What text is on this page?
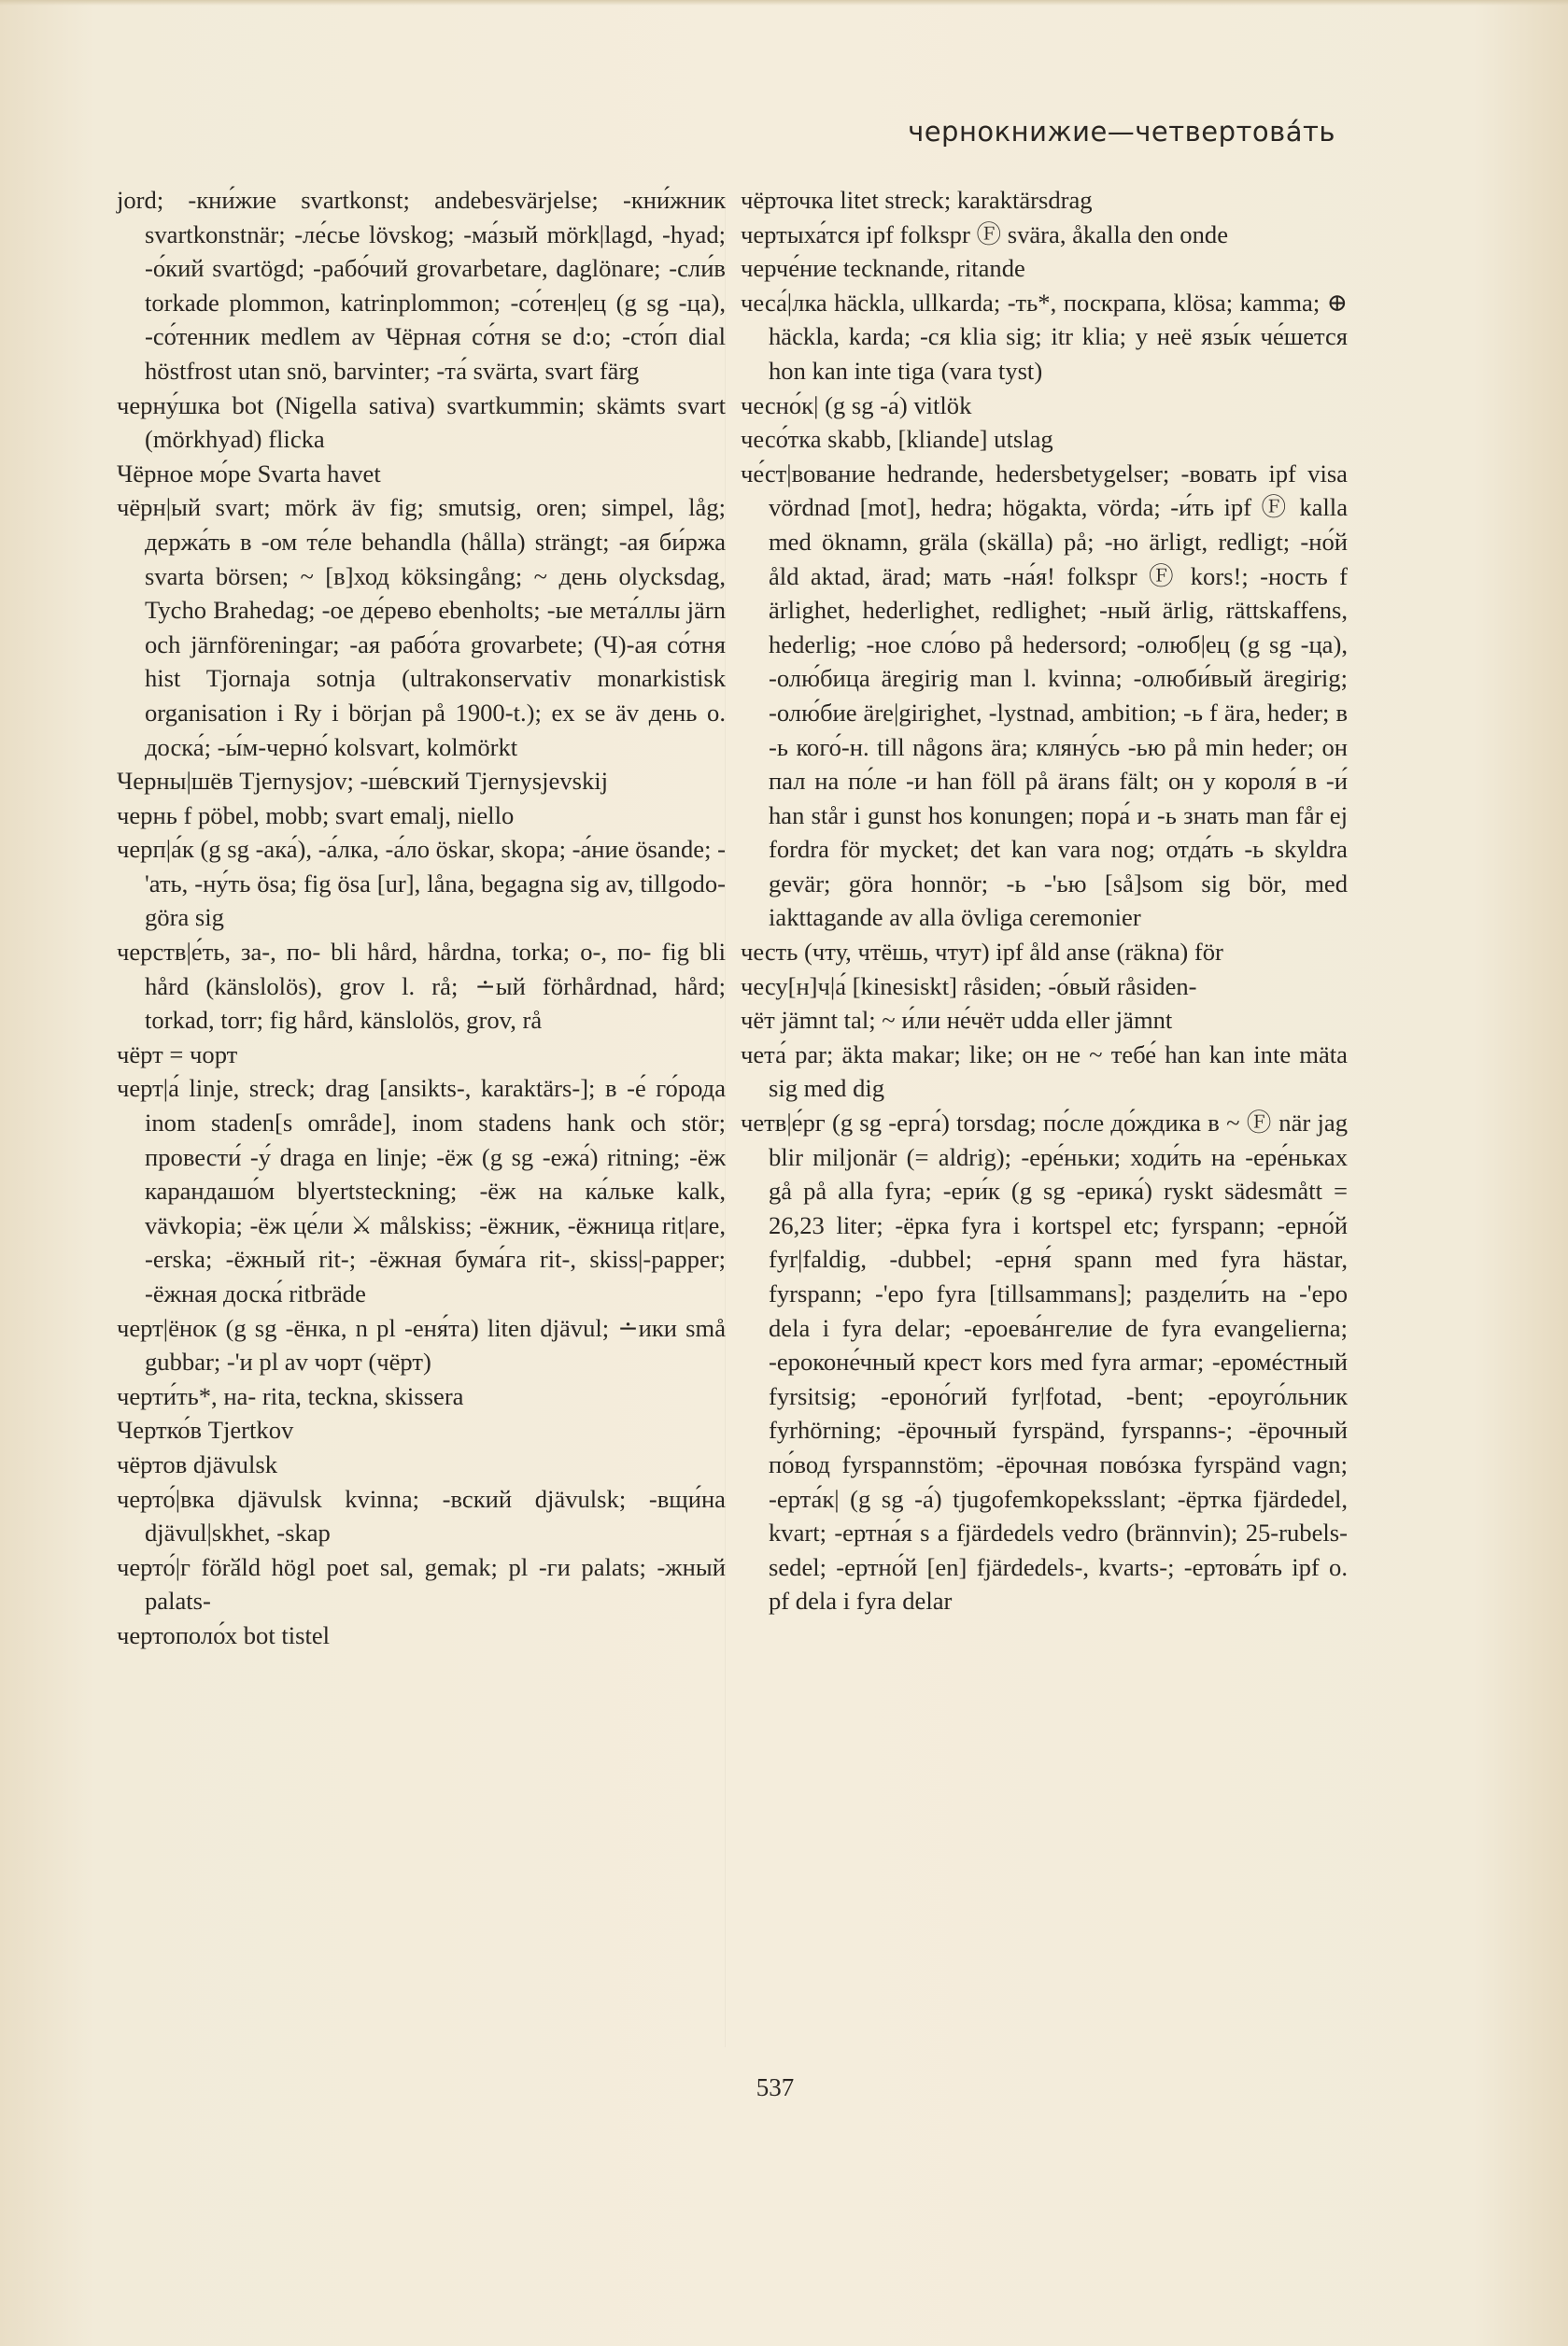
чернокнижие—четвертова́ть

jord; -кни́жие svartkonst; andebesvärjelse; -кни́жник svartkonstnär; -ле́сье lövskog; -ма́зый mörk|lagd, -hyad; -о́кий svartögd; -рабо́чий grovarbetare, daglönare; -сли́в torkade plommon, katrinplommon; -со́тен|ец (g sg -ца), -со́тенник medlem av Чёрная со́тня se d:o; -сто́п dial höstfrost utan snö, barvinter; -та́ svärta, svart färg

черну́шка bot (Nigella sativa) svartkummin; skämts svart (mörkhyad) flicka

Чёрное мо́ре Svarta havet

чёрн|ый svart; mörk äv fig; smutsig, oren; simpel, låg; держа́ть в -ом те́ле behandla (hålla) strängt; -ая би́ржа svarta börsen; ~ [в]ход köksingång; ~ день olycksdag, Tycho Brahedag; -ое де́рево ebenholts; -ые мета́ллы järn och järnföreningar; -ая рабо́та grovarbete; (Ч)-ая со́тня hist Tjornaja sotnja (ultrakonservativ monarkistisk organisation i Ry i början på 1900-t.); ex se äv день о. доска́; -ы́м-черно́ kolsvart, kolmörkt

Черны|шёв Tjernysjov; -ше́вский Tjernysjevskij

чернь f pöbel, mobb; svart emalj, niello

черп|а́к (g sg -ака́), -а́лка, -а́ло öskar, skopa; -а́ние ösande; -'ать, -ну́ть ösa; fig ösa [ur], låna, begagna sig av, tillgodogöra sig

черств|е́ть, за-, по- bli hård, hårdna, torka; о-, по- fig bli hård (känslolös), grov l. rå; ∸ый förhårdnad, hård; torkad, torr; fig hård, känslolös, grov, rå

чёрт = чорт

черт|а́ linje, streck; drag [ansikts-, karaktärs-]; в -е́ го́рода inom staden[s område], inom stadens hank och stör; провести́ -у́ draga en linje; -ёж (g sg -ежа́) ritning; -ёж карандашо́м blyertsteckning; -ёж на ка́льке kalk, vävkopia; -ёж це́ли ⚔ målskiss; -ёжник, -ёжница rit|are, -erska; -ёжный rit-; -ёжная бума́га rit-, skiss|-papper; -ёжная доска́ ritbräde

черт|ёнок (g sg -ёнка, n pl -еня́та) liten djävul; ∸ики små gubbar; -'и pl av чорт (чёрт)

черти́ть*, на- rita, teckna, skissera

Чертко́в Tjertkov

чёртов djävulsk

черто́|вка djävulsk kvinna; -вский djävulsk; -вщи́на djävul|skhet, -skap

черто́|г förӑld högl poet sal, gemak; pl -ги palats; -жный palats-

чертополо́х bot tistel

чёрточка litet streck; karaktärsdrag

чертыха́тся ipf folkspr Ⓕ svära, åkalla den onde

черче́ние tecknande, ritande

чеса́|лка häckla, ullkarda; -ть*, поскрапа, klösa; kamma; ⊕ häckla, karda; -ся klia sig; itr klia; у неё язы́к че́шется hon kan inte tiga (vara tyst)

чесно́к| (g sg -а́) vitlök

чесо́тка skabb, [kliande] utslag

че́ст|вование hedrande, hedersbetygelser; -вовать ipf visa vördnad [mot], hedra; högakta, vörda; -и́ть ipf Ⓕ kalla med öknamn, gräla (skälla) på; -но ärligt, redligt; -но́й åld aktad, ärad; мать -на́я! folkspr Ⓕ kors!; -ность f ärlighet, hederlighet, redlighet; -ный ärlig, rättskaffens, hederlig; -ное сло́во på hedersord; -олюб|ец (g sg -ца), -олю́бица äregirig man l. kvinna; -олюби́вый äregirig; -олю́бие äre|girighet, -lystnad, ambition; -ь f ära, heder; в -ь кого́-н. till någons ära; кляну́сь -ью på min heder; он пал на по́ле -и han föll på ärans fält; он у короля́ в -и́ han står i gunst hos konungen; пора́ и -ь знать man får ej fordra för mycket; det kan vara nog; отда́ть -ь skyldra gevär; göra honnör; -ь -'ью [så]som sig bör, med iakttagande av alla övliga ceremonier

честь (чту, чтёшь, чтут) ipf åld anse (räkna) för

чесу[н]ч|а́ [kinesiskt] råsiden; -о́вый råsiden-

чёт jämnt tal; ~ и́ли не́чёт udda eller jämnt

чета́ par; äkta makar; like; он не ~ тебе́ han kan inte mäta sig med dig

четв|е́рг (g sg -ерга́) torsdag; по́сле до́ждика в ~ Ⓕ när jag blir miljonär (= aldrig); -ере́ньки; ходи́ть на -ере́ньках gå på alla fyra; -ери́к (g sg -ерика́) ryskt sädesmått = 26,23 liter; -ёрка fyra i kortspel etc; fyrspann; -ерно́й fyr|faldig, -dubbel; -ерня́ spann med fyra hästar, fyrspann; -'еро fyra [tillsammans]; раздели́ть на -'еро dela i fyra delar; -ероева́нгелие de fyra evangelierna; -ероконе́чный крест kors med fyra armar; -еромéстный fyrsitsig; -ероно́гий fyr|fotad, -bent; -ероуго́льник fyrhörning; -ёрочный fyrspänd, fyrspanns-; -ёрочный по́вод fyrspannstöm; -ёрочная повóзка fyrspänd vagn; -ерта́к| (g sg -а́) tjugofemkopeksslant; -ёртка fjärdedel, kvart; -ертна́я s a fjärdedels vedro (brännvin); 25-rubelssedel; -ертно́й [en] fjärdedels-, kvarts-; -ертова́ть ipf o. pf dela i fyra delar

537
